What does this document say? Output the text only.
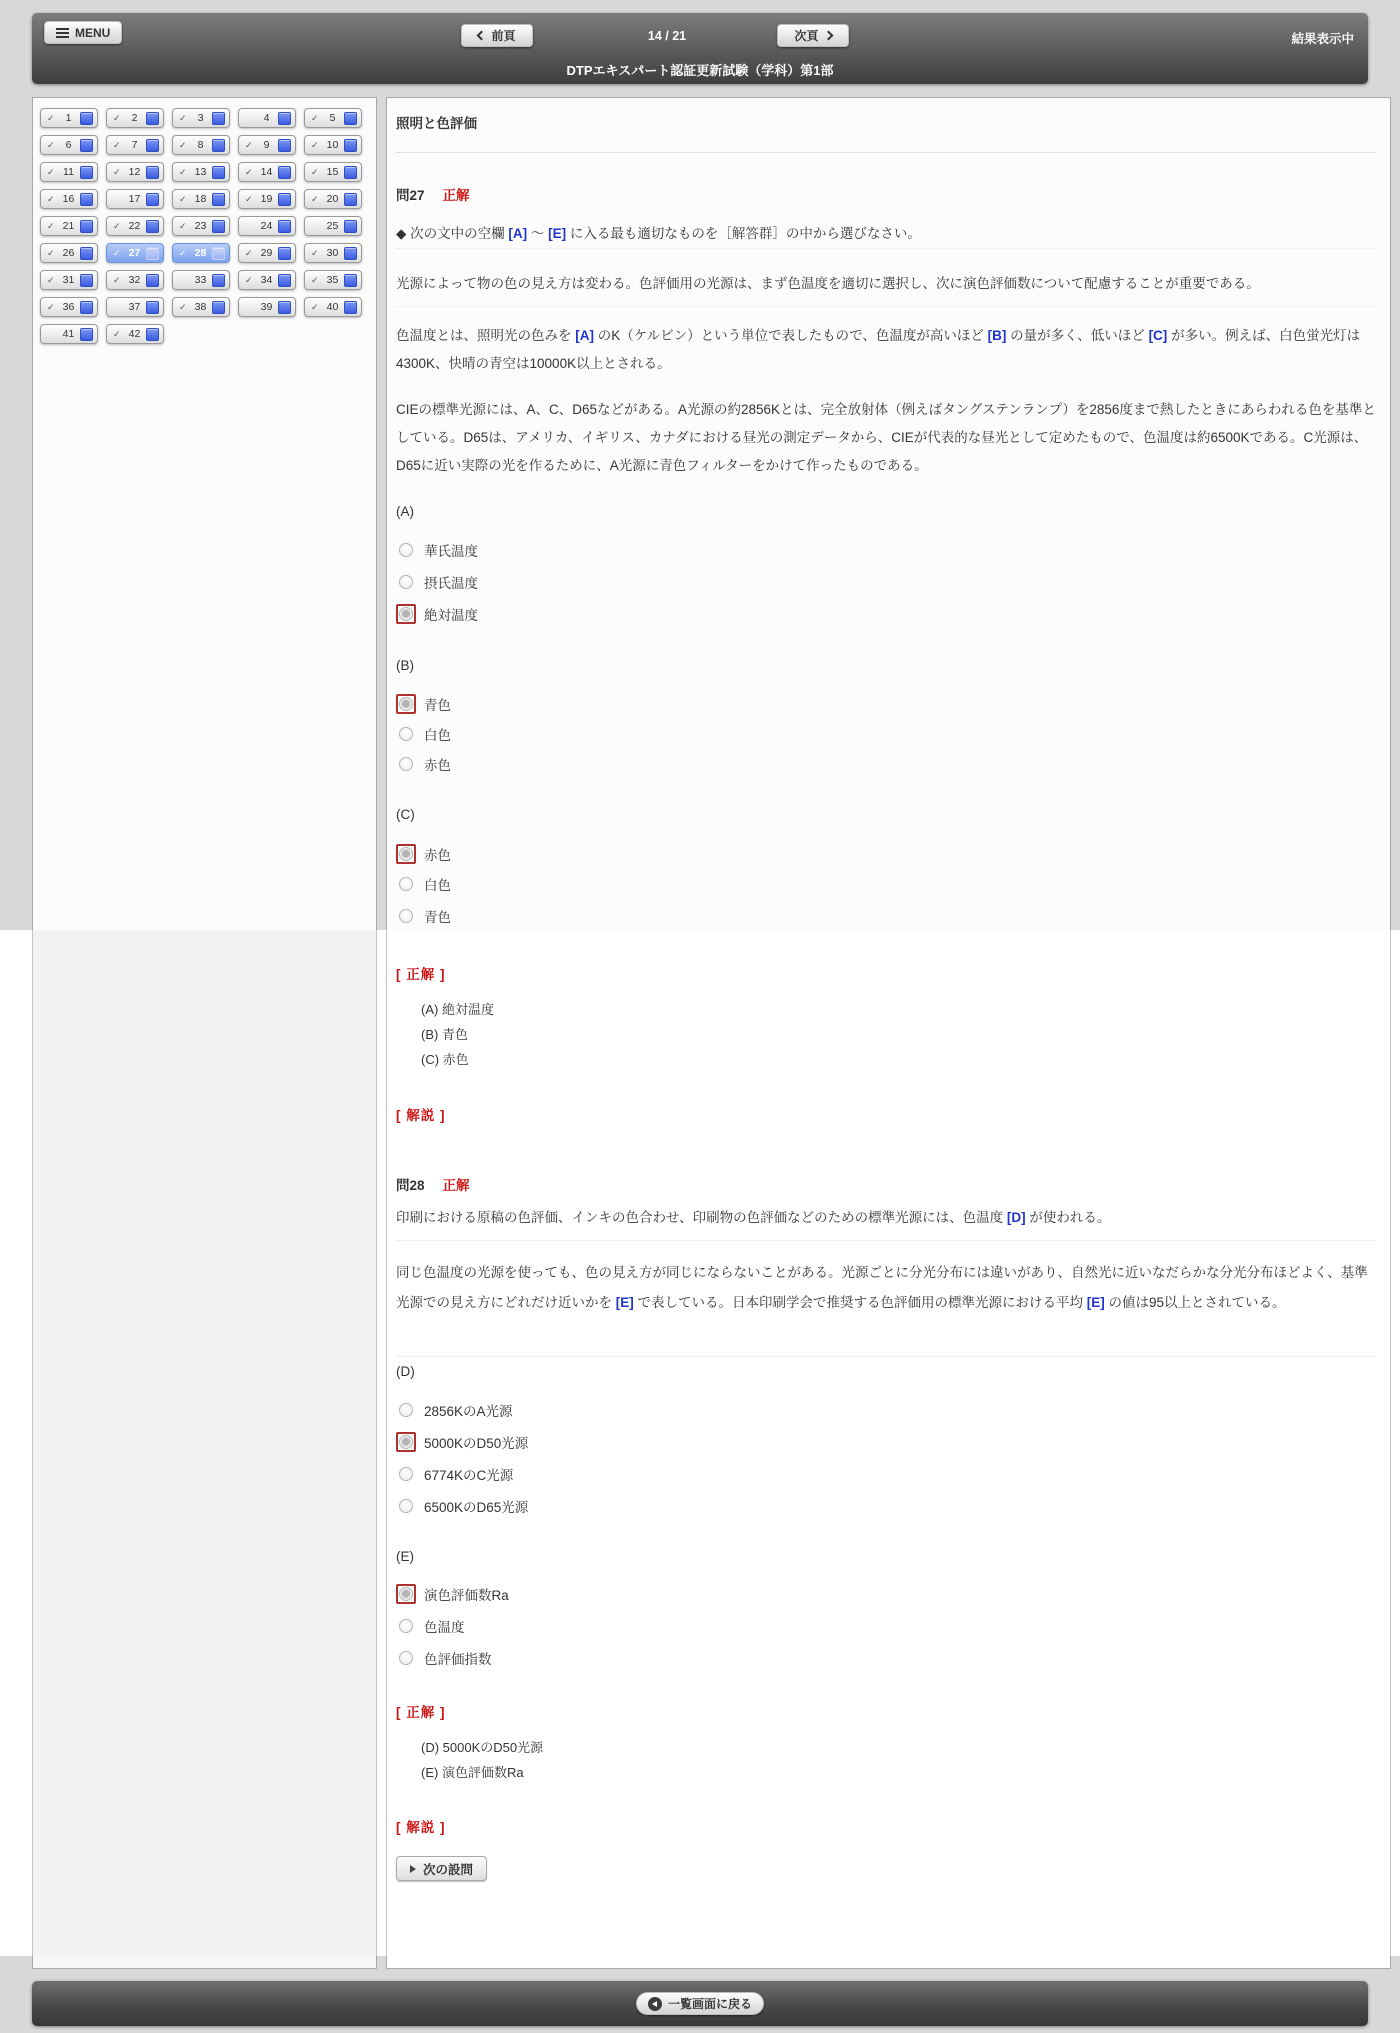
MENU	前頁	14 / 21	次頁	結果表示中
DTPエキスパート認証更新試験（学科）第1部
✓	1	✓	2	✓	3	4	✓	5
✓	6	✓	7	✓	8	✓	9	✓ 10
✓ 11	✓ 12	✓ 13	✓ 14	✓ 15
✓ 16	17	✓ 18	✓ 19	✓ 20
✓ 21	✓ 22	✓ 23	24	25
✓ 26	✓ 27	✓ 28	✓ 29	✓ 30
✓ 31	✓ 32	33	✓ 34	✓ 35
✓ 36	37	✓ 38	39	✓ 40
41	✓ 42
照明と色評価
問27 正解
◆ 次の文中の空欄 [A] ～ [E] に入る最も適切なものを［解答群］の中から選びなさい。
光源によって物の色の見え方は変わる。色評価用の光源は、まず色温度を適切に選択し、次に演色評価数について配慮することが重要である。
色温度とは、照明光の色みを [A] のK（ケルビン）という単位で表したもので、色温度が高いほど [B] の量が多く、低いほど [C] が多い。例えば、白色蛍光灯は4300K、快晴の青空は10000K以上とされる。
CIEの標準光源には、A、C、D65などがある。A光源の約2856Kとは、完全放射体（例えばタングステンランプ）を2856度まで熱したときにあらわれる色を基準としている。D65は、アメリカ、イギリス、カナダにおける昼光の測定データから、CIEが代表的な昼光として定めたもので、色温度は約6500Kである。C光源は、D65に近い実際の光を作るために、A光源に青色フィルターをかけて作ったものである。
(A)
華氏温度
摂氏温度
絶対温度
(B)
青色
白色
赤色
(C)
赤色
白色
青色
[ 正解 ]
(A) 絶対温度
(B) 青色
(C) 赤色
[ 解説 ]
問28 正解
印刷における原稿の色評価、インキの色合わせ、印刷物の色評価などのための標準光源には、色温度 [D] が使われる。
同じ色温度の光源を使っても、色の見え方が同じにならないことがある。光源ごとに分光分布には違いがあり、自然光に近いなだらかな分光分布ほどよく、基準光源での見え方にどれだけ近いかを [E] で表している。日本印刷学会で推奨する色評価用の標準光源における平均 [E] の値は95以上とされている。
(D)
2856KのA光源
5000KのD50光源
6774KのC光源
6500KのD65光源
(E)
演色評価数Ra
色温度
色評価指数
[ 正解 ]
(D) 5000KのD50光源
(E) 演色評価数Ra
[ 解説 ]
次の設問
一覧画面に戻る
